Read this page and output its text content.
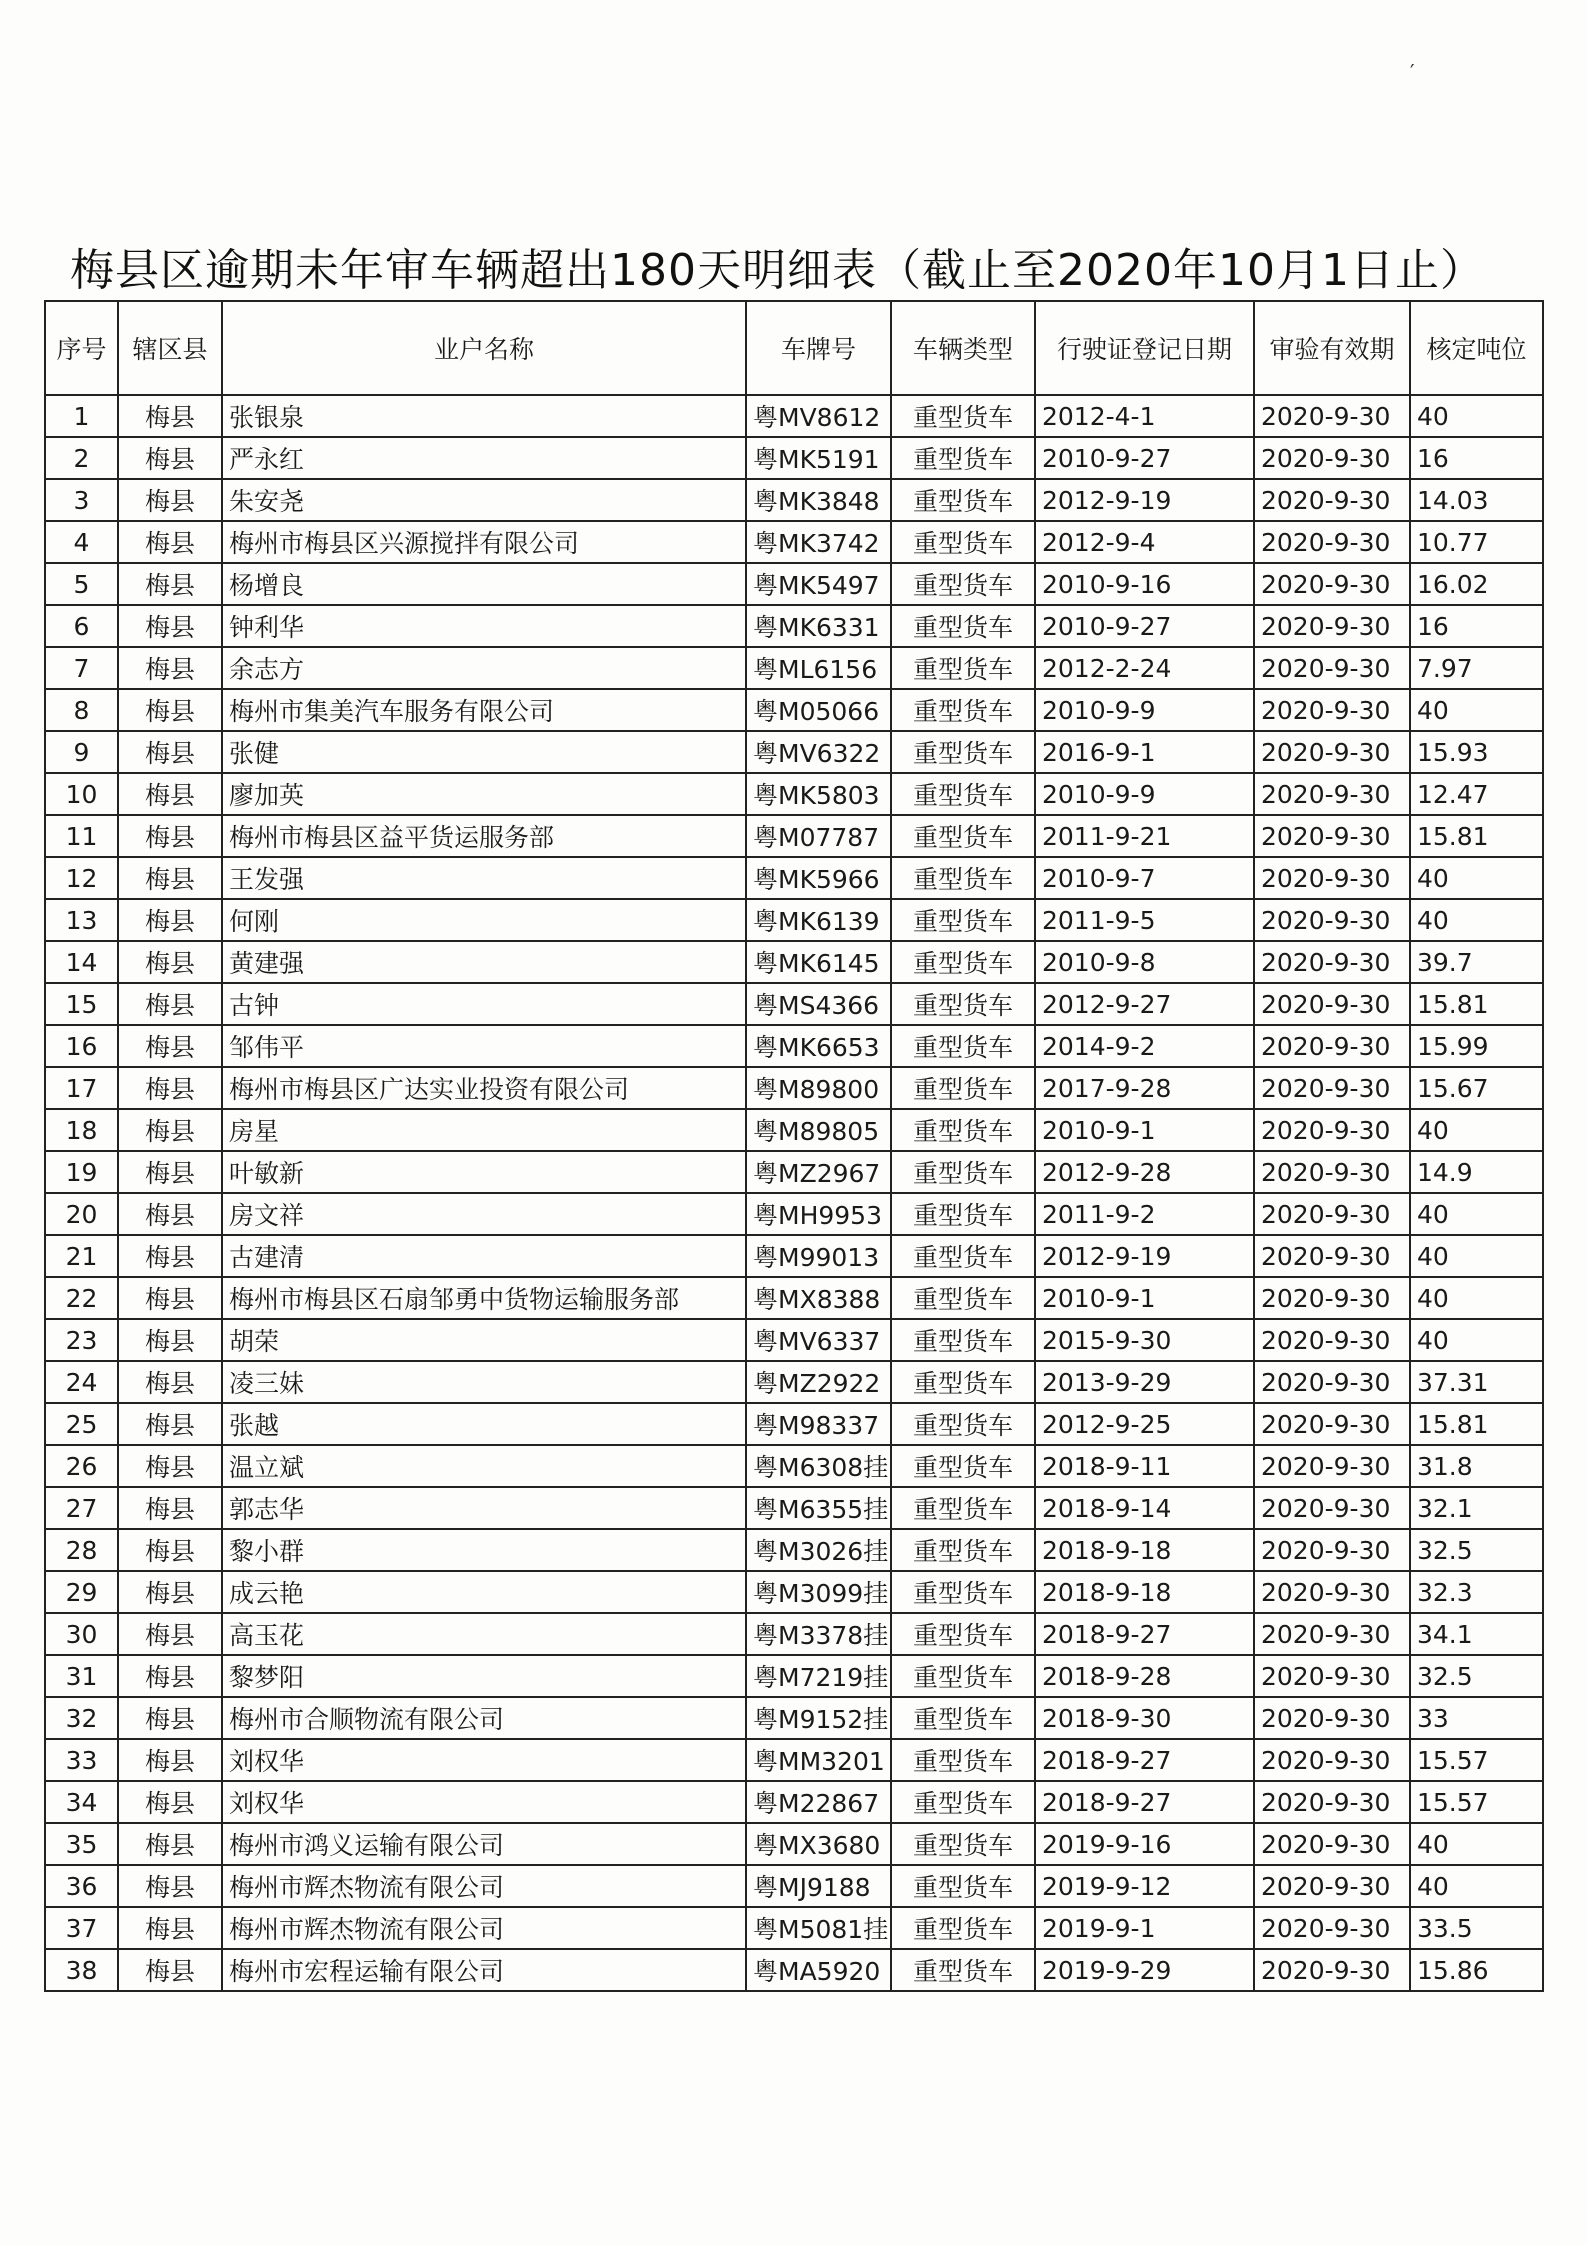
′
梅县区逾期未年审车辆超出180天明细表（截止至2020年10月1日止）
序号	辖区县	业户名称	车牌号	车辆类型	行驶证登记日期	审验有效期	核定吨位
1	梅县	张银泉	粤MV8612	重型货车	2012-4-1	2020-9-30	40
2	梅县	严永红	粤MK5191	重型货车	2010-9-27	2020-9-30	16
3	梅县	朱安尧	粤MK3848	重型货车	2012-9-19	2020-9-30	14.03
4	梅县	梅州市梅县区兴源搅拌有限公司	粤MK3742	重型货车	2012-9-4	2020-9-30	10.77
5	梅县	杨增良	粤MK5497	重型货车	2010-9-16	2020-9-30	16.02
6	梅县	钟利华	粤MK6331	重型货车	2010-9-27	2020-9-30	16
7	梅县	余志方	粤ML6156	重型货车	2012-2-24	2020-9-30	7.97
8	梅县	梅州市集美汽车服务有限公司	粤M05066	重型货车	2010-9-9	2020-9-30	40
9	梅县	张健	粤MV6322	重型货车	2016-9-1	2020-9-30	15.93
10	梅县	廖加英	粤MK5803	重型货车	2010-9-9	2020-9-30	12.47
11	梅县	梅州市梅县区益平货运服务部	粤M07787	重型货车	2011-9-21	2020-9-30	15.81
12	梅县	王发强	粤MK5966	重型货车	2010-9-7	2020-9-30	40
13	梅县	何刚	粤MK6139	重型货车	2011-9-5	2020-9-30	40
14	梅县	黄建强	粤MK6145	重型货车	2010-9-8	2020-9-30	39.7
15	梅县	古钟	粤MS4366	重型货车	2012-9-27	2020-9-30	15.81
16	梅县	邹伟平	粤MK6653	重型货车	2014-9-2	2020-9-30	15.99
17	梅县	梅州市梅县区广达实业投资有限公司	粤M89800	重型货车	2017-9-28	2020-9-30	15.67
18	梅县	房星	粤M89805	重型货车	2010-9-1	2020-9-30	40
19	梅县	叶敏新	粤MZ2967	重型货车	2012-9-28	2020-9-30	14.9
20	梅县	房文祥	粤MH9953	重型货车	2011-9-2	2020-9-30	40
21	梅县	古建清	粤M99013	重型货车	2012-9-19	2020-9-30	40
22	梅县	梅州市梅县区石扇邹勇中货物运输服务部	粤MX8388	重型货车	2010-9-1	2020-9-30	40
23	梅县	胡荣	粤MV6337	重型货车	2015-9-30	2020-9-30	40
24	梅县	凌三妹	粤MZ2922	重型货车	2013-9-29	2020-9-30	37.31
25	梅县	张越	粤M98337	重型货车	2012-9-25	2020-9-30	15.81
26	梅县	温立斌	粤M6308挂	重型货车	2018-9-11	2020-9-30	31.8
27	梅县	郭志华	粤M6355挂	重型货车	2018-9-14	2020-9-30	32.1
28	梅县	黎小群	粤M3026挂	重型货车	2018-9-18	2020-9-30	32.5
29	梅县	成云艳	粤M3099挂	重型货车	2018-9-18	2020-9-30	32.3
30	梅县	高玉花	粤M3378挂	重型货车	2018-9-27	2020-9-30	34.1
31	梅县	黎梦阳	粤M7219挂	重型货车	2018-9-28	2020-9-30	32.5
32	梅县	梅州市合顺物流有限公司	粤M9152挂	重型货车	2018-9-30	2020-9-30	33
33	梅县	刘权华	粤MM3201	重型货车	2018-9-27	2020-9-30	15.57
34	梅县	刘权华	粤M22867	重型货车	2018-9-27	2020-9-30	15.57
35	梅县	梅州市鸿义运输有限公司	粤MX3680	重型货车	2019-9-16	2020-9-30	40
36	梅县	梅州市辉杰物流有限公司	粤MJ9188	重型货车	2019-9-12	2020-9-30	40
37	梅县	梅州市辉杰物流有限公司	粤M5081挂	重型货车	2019-9-1	2020-9-30	33.5
38	梅县	梅州市宏程运输有限公司	粤MA5920	重型货车	2019-9-29	2020-9-30	15.86
